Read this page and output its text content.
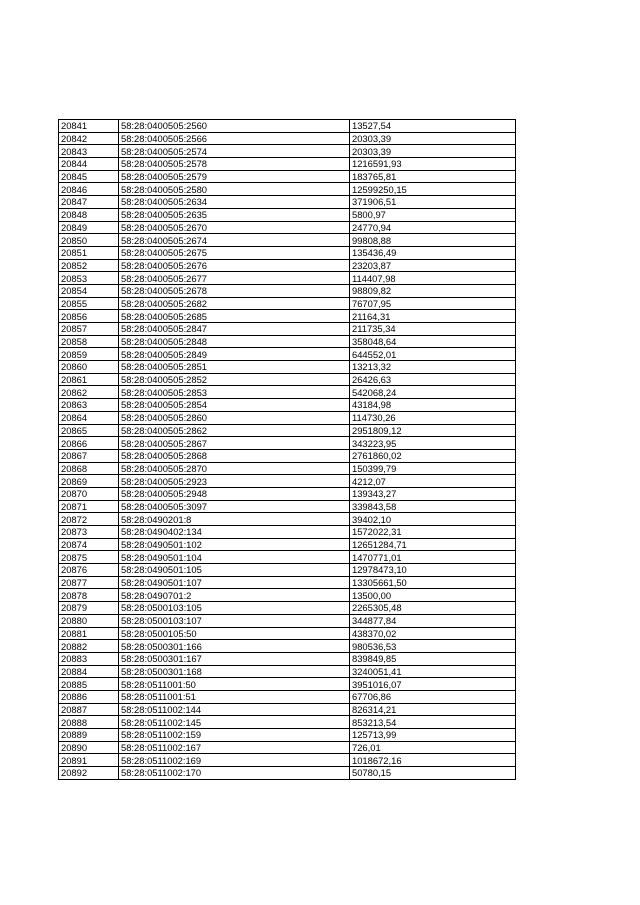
20841	58:28:0400505:2560	13527,54
20842	58:28:0400505:2566	20303,39
20843	58:28:0400505:2574	20303,39
20844	58:28:0400505:2578	1216591,93
20845	58:28:0400505:2579	183765,81
20846	58:28:0400505:2580	12599250,15
20847	58:28:0400505:2634	371906,51
20848	58:28:0400505:2635	5800,97
20849	58:28:0400505:2670	24770,94
20850	58:28:0400505:2674	99808,88
20851	58:28:0400505:2675	135436,49
20852	58:28:0400505:2676	23203,87
20853	58:28:0400505:2677	114407,98
20854	58:28:0400505:2678	98809,82
20855	58:28:0400505:2682	76707,95
20856	58:28:0400505:2685	21164,31
20857	58:28:0400505:2847	211735,34
20858	58:28:0400505:2848	358048,64
20859	58:28:0400505:2849	644552,01
20860	58:28:0400505:2851	13213,32
20861	58:28:0400505:2852	26426,63
20862	58:28:0400505:2853	542068,24
20863	58:28:0400505:2854	43184,98
20864	58:28:0400505:2860	114730,26
20865	58:28:0400505:2862	2951809,12
20866	58:28:0400505:2867	343223,95
20867	58:28:0400505:2868	2761860,02
20868	58:28:0400505:2870	150399,79
20869	58:28:0400505:2923	4212,07
20870	58:28:0400505:2948	139343,27
20871	58:28:0400505:3097	339843,58
20872	58:28:0490201:8	39402,10
20873	58:28:0490402:134	1572022,31
20874	58:28:0490501:102	12651284,71
20875	58:28:0490501:104	1470771,01
20876	58:28:0490501:105	12978473,10
20877	58:28:0490501:107	13305661,50
20878	58:28:0490701:2	13500,00
20879	58:28:0500103:105	2265305,48
20880	58:28:0500103:107	344877,84
20881	58:28:0500105:50	438370,02
20882	58:28:0500301:166	980536,53
20883	58:28:0500301:167	839849,85
20884	58:28:0500301:168	3240051,41
20885	58:28:0511001:50	3951016,07
20886	58:28:0511001:51	67706,86
20887	58:28:0511002:144	826314,21
20888	58:28:0511002:145	853213,54
20889	58:28:0511002:159	125713,99
20890	58:28:0511002:167	726,01
20891	58:28:0511002:169	1018672,16
20892	58:28:0511002:170	50780,15
